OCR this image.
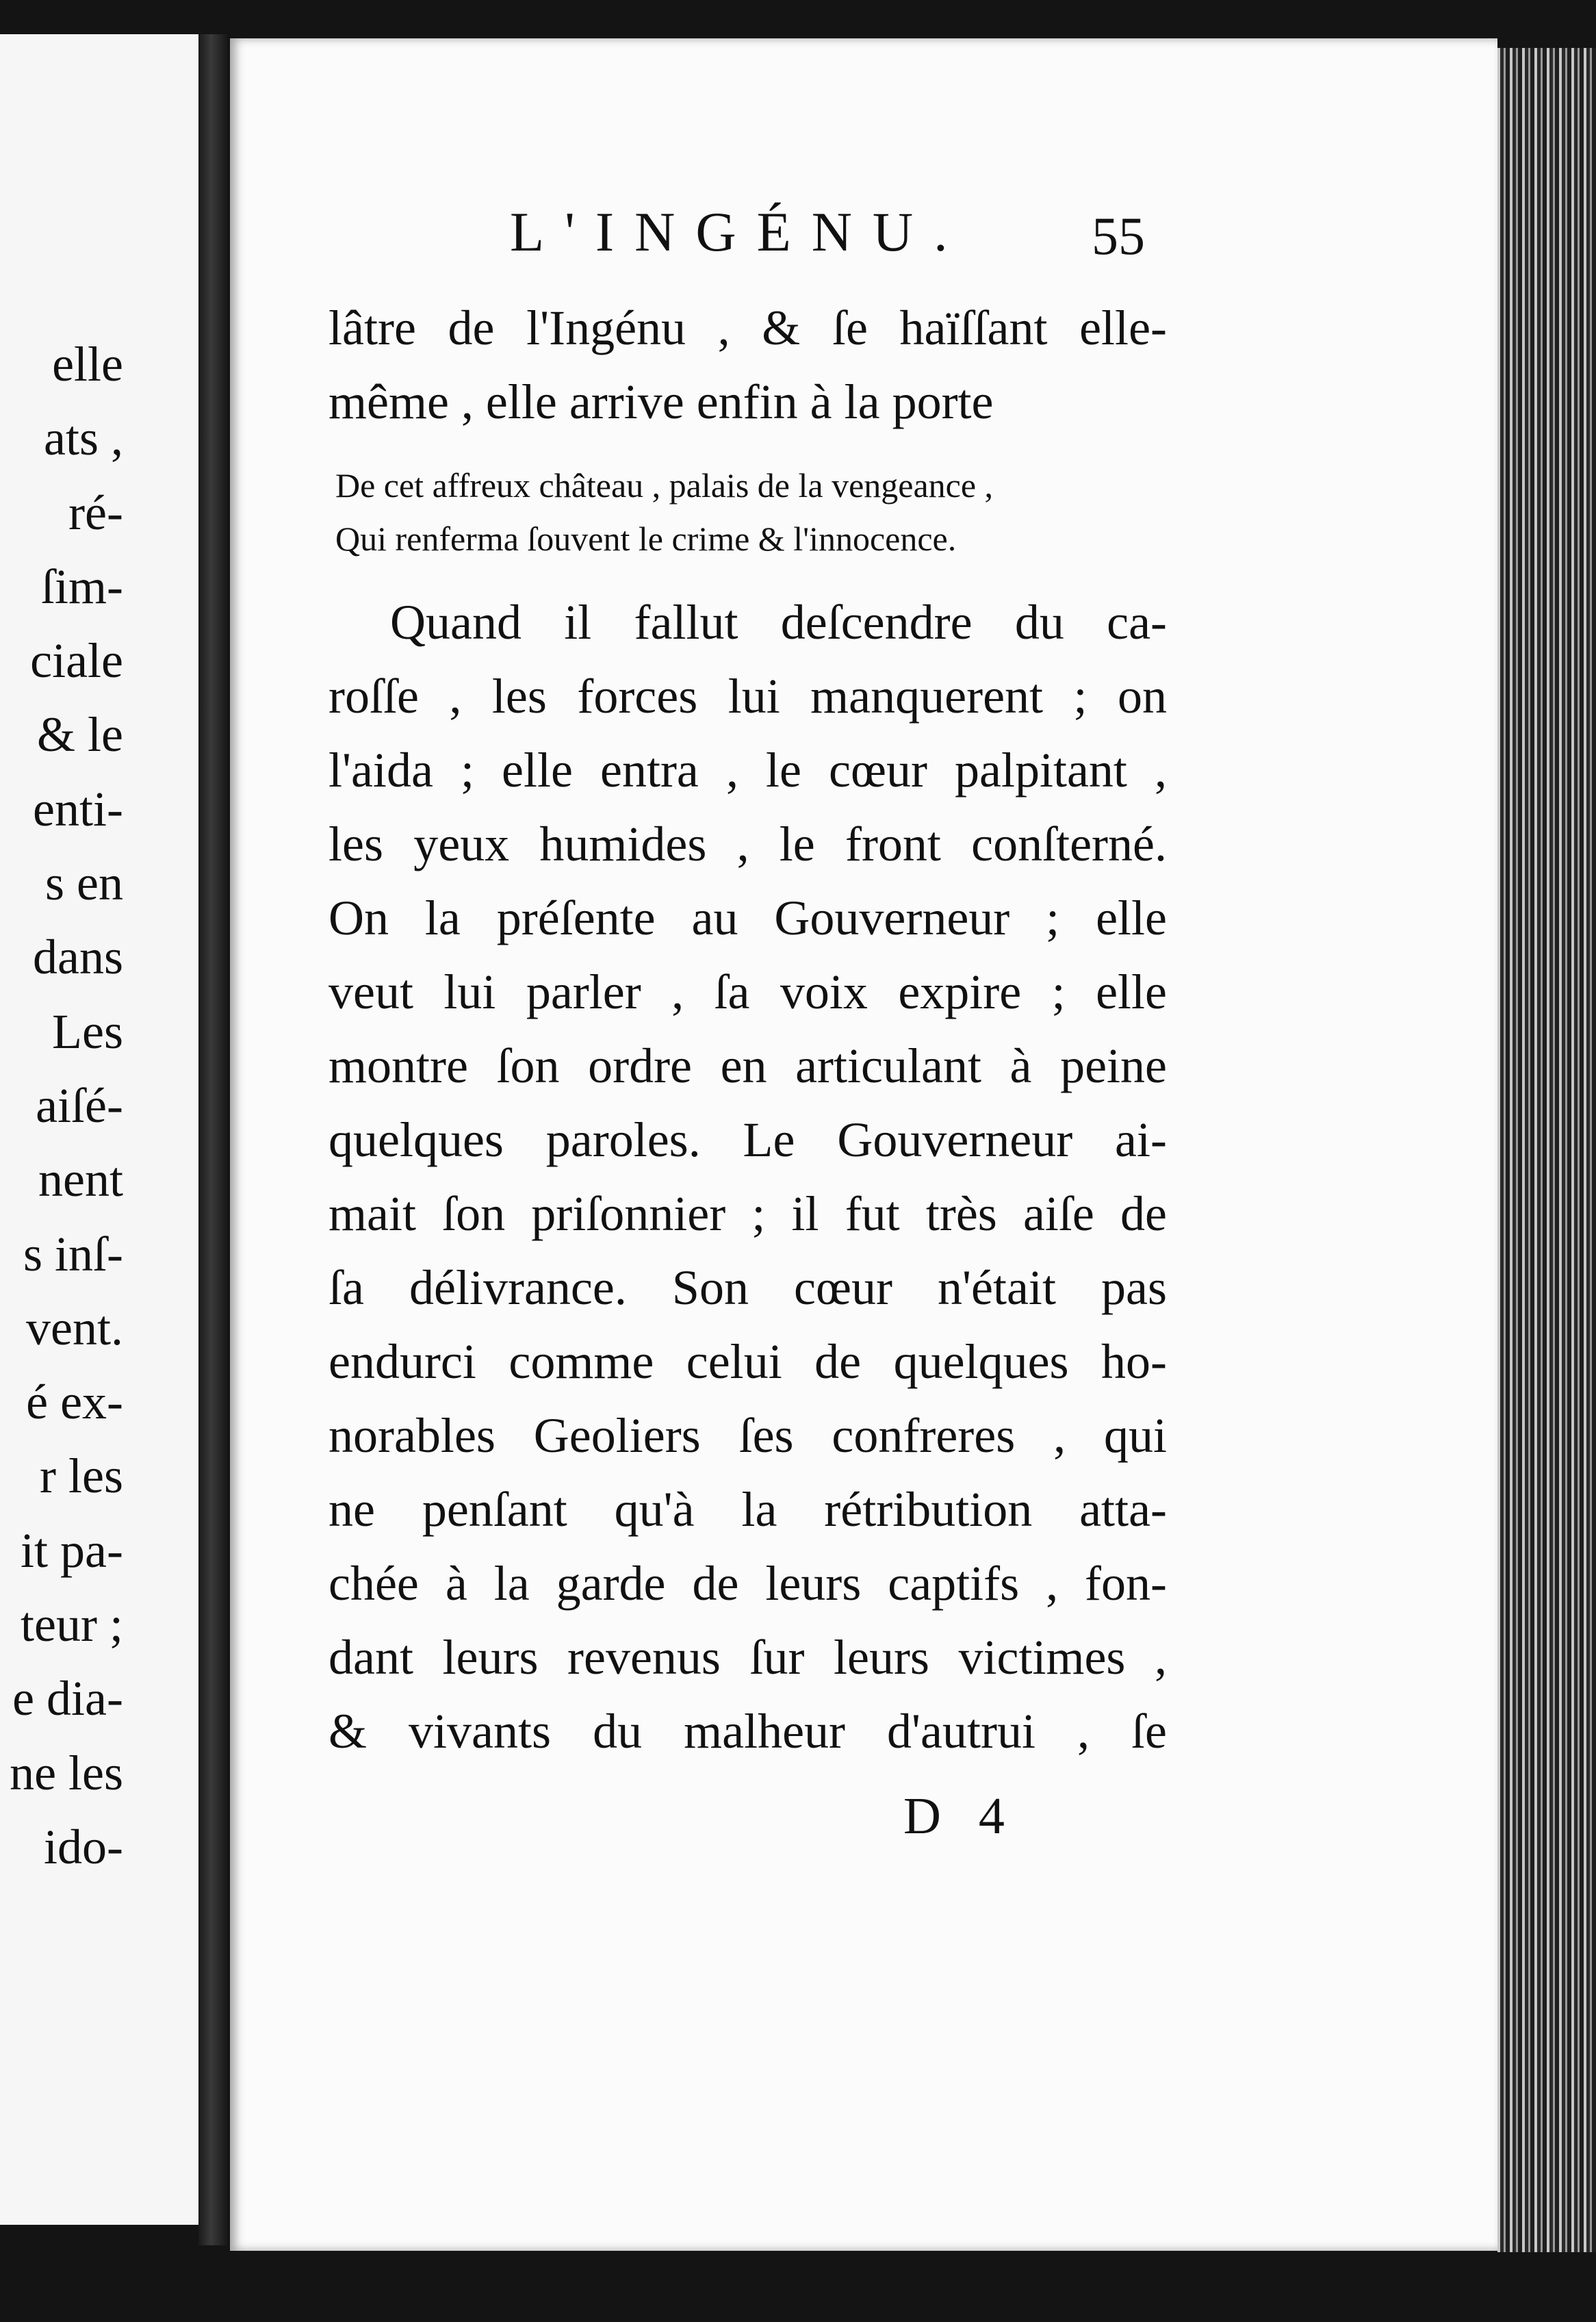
elle
ats ,
ré-
ſim-
ciale
& le
enti-
s en
dans
Les
aiſé-
nent
s inſ-
vent.
é ex-
r les
it pa-
teur ;
e dia-
ne les
ido-
L'INGÉNU.	55
lâtre de l'Ingénu , & ſe haïſſant elle-
même , elle arrive enfin à la porte
De cet affreux château , palais de la vengeance ,
Qui renferma ſouvent le crime & l'innocence.
Quand il fallut deſcendre du ca-
roſſe , les forces lui manquerent ; on
l'aida ; elle entra , le cœur palpitant ,
les yeux humides , le front conſterné.
On la préſente au Gouverneur ; elle
veut lui parler , ſa voix expire ; elle
montre ſon ordre en articulant à peine
quelques paroles. Le Gouverneur ai-
mait ſon priſonnier ; il fut très aiſe de
ſa délivrance. Son cœur n'était pas
endurci comme celui de quelques ho-
norables Geoliers ſes confreres , qui
ne penſant qu'à la rétribution atta-
chée à la garde de leurs captifs , fon-
dant leurs revenus ſur leurs victimes ,
& vivants du malheur d'autrui , ſe
D 4
